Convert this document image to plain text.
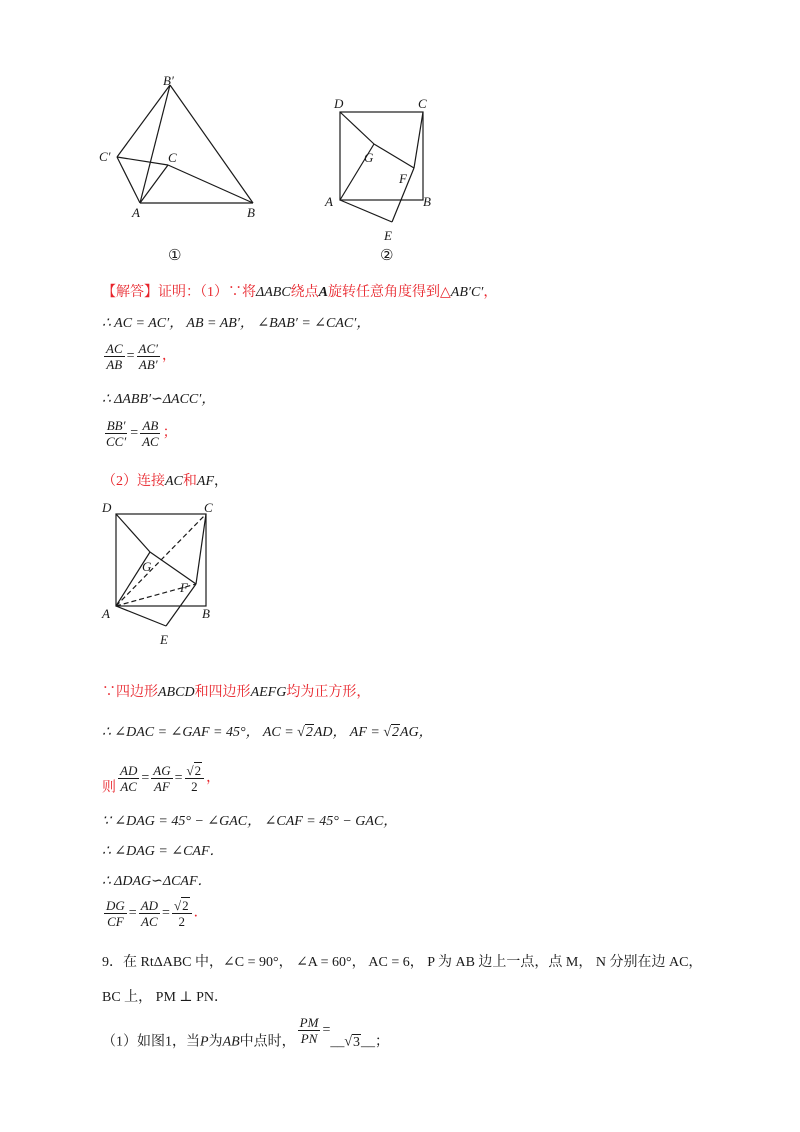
B′
C′	C
A	B
①
D	C
G
F
A	B
E
②
【解答】证明：（1）∵将ΔABC绕点A旋转任意角度得到△AB′C′，
∴ AC = AC′， AB = AB′， ∠BAB′ = ∠CAC′，
$\frac{AC}{AB} = \frac{AC'}{AB'}$ ，
∴ ΔABB′∽ΔACC′，
$\frac{BB'}{CC'} = \frac{AB}{AC}$ ；
（2）连接AC和AF，
D	C
G
F
A	B
E
∵四边形ABCD和四边形AEFG均为正方形，
∴ ∠DAC = ∠GAF = 45°， AC = √2AD， AF = √2AG，
则 $\frac{AD}{AC} = \frac{AG}{AF} = \frac{√2}{2}$ ，
∵ ∠DAG = 45° − ∠GAC， ∠CAF = 45° − GAC，
∴ ∠DAG = ∠CAF．
∴ ΔDAG∽ΔCAF．
$\frac{DG}{CF} = \frac{AD}{AC} = \frac{√2}{2}$ ．
9．在 RtΔABC 中，∠C = 90°， ∠A = 60°， AC = 6， P 为 AB 边上一点，点 M， N 分别在边 AC，
BC 上， PM ⊥ PN．
（1）如图1，当P为AB中点时， $\frac{PM}{PN}$ =__√3__；
